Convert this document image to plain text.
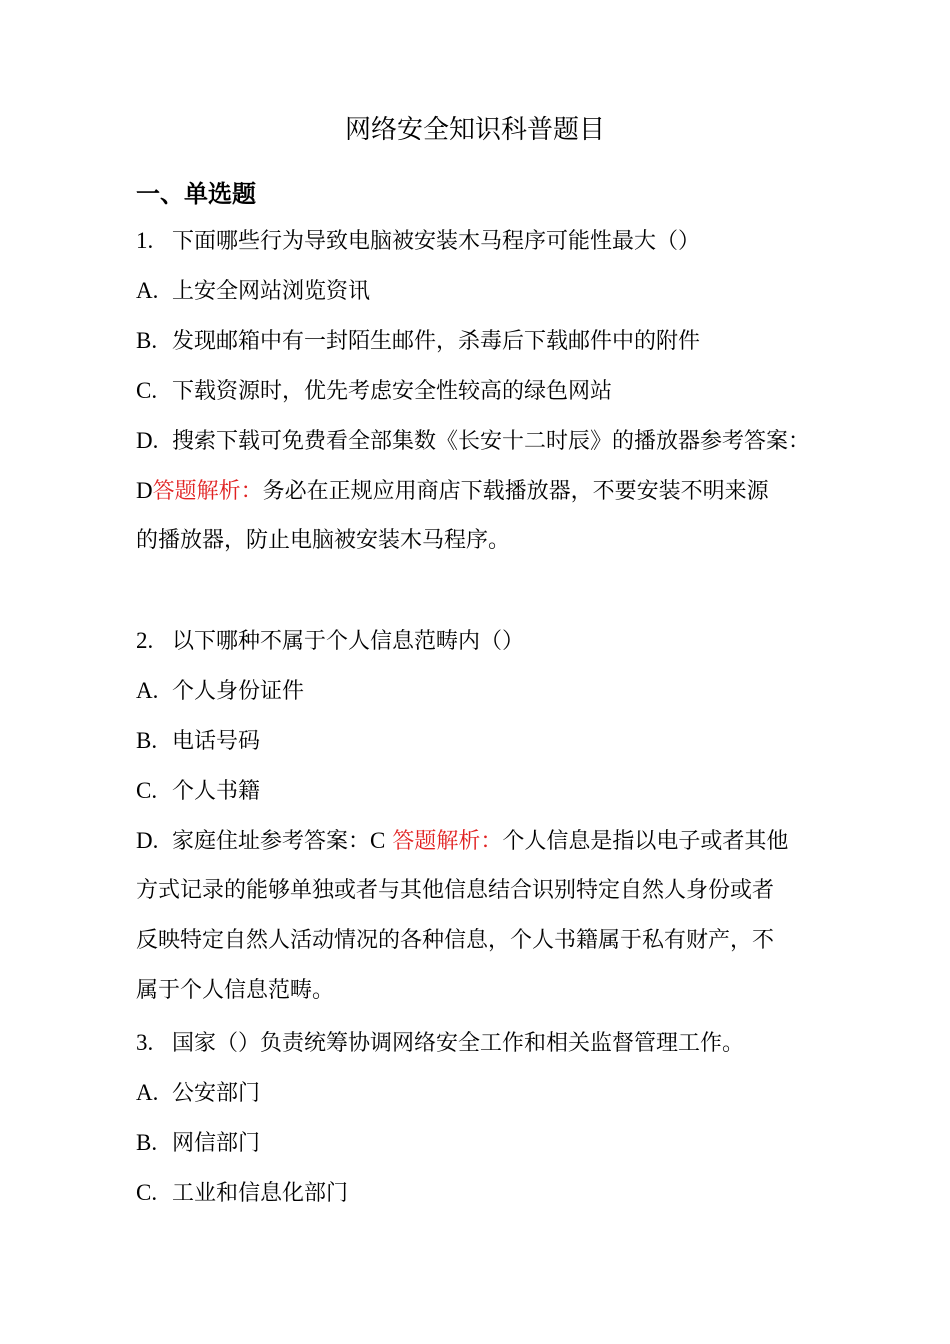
网络安全知识科普题目
一、单选题
1. 下面哪些行为导致电脑被安装木马程序可能性最大（）
A. 上安全网站浏览资讯
B. 发现邮箱中有一封陌生邮件，杀毒后下载邮件中的附件
C. 下载资源时，优先考虑安全性较高的绿色网站
D. 搜索下载可免费看全部集数《长安十二时辰》的播放器参考答案：
D答题解析：务必在正规应用商店下载播放器，不要安装不明来源
的播放器，防止电脑被安装木马程序。
2. 以下哪种不属于个人信息范畴内（）
A. 个人身份证件
B. 电话号码
C. 个人书籍
D. 家庭住址参考答案：C 答题解析：个人信息是指以电子或者其他
方式记录的能够单独或者与其他信息结合识别特定自然人身份或者
反映特定自然人活动情况的各种信息，个人书籍属于私有财产，不
属于个人信息范畴。
3. 国家（）负责统筹协调网络安全工作和相关监督管理工作。
A. 公安部门
B. 网信部门
C. 工业和信息化部门
